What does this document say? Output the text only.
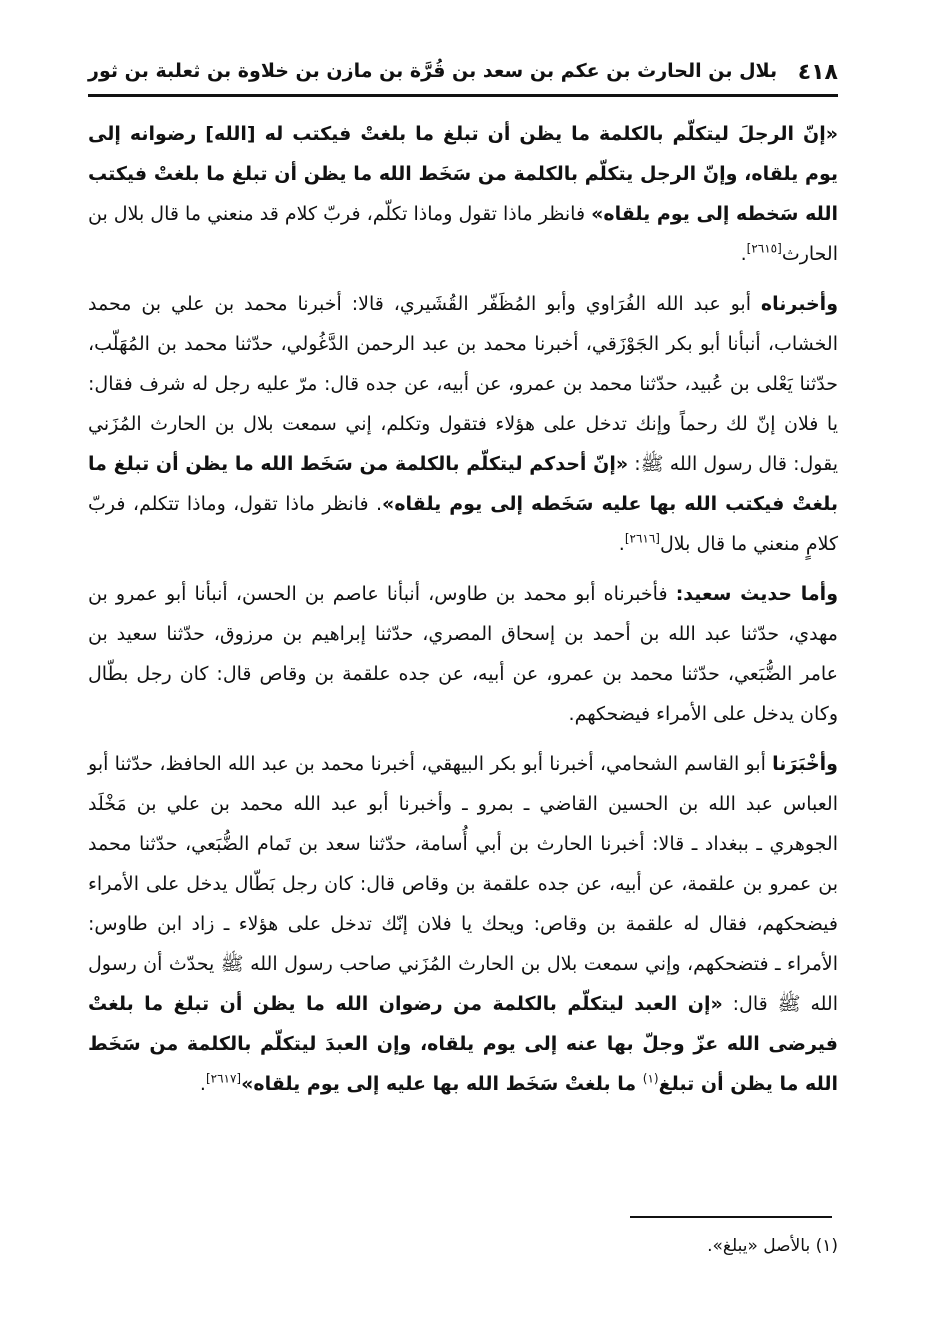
٤١٨
بلال بن الحارث بن عكم بن سعد بن قُرَّة بن مازن بن خلاوة بن ثعلبة بن ثور

«إنّ الرجلَ ليتكلّم بالكلمة ما يظن أن تبلغ ما بلغتْ فيكتب له [الله] رضوانه إلى يوم يلقاه، وإنّ الرجل يتكلّم بالكلمة من سَخَط الله ما يظن أن تبلغ ما بلغتْ فيكتب الله سَخطه إلى يوم يلقاه» فانظر ماذا تقول وماذا تكلّم، فربّ كلام قد منعني ما قال بلال بن الحارث[٢٦١٥].

وأخبرناه أبو عبد الله الفُرَاوي وأبو المُظَفّر القُشَيري، قالا: أخبرنا محمد بن علي بن محمد الخشاب، أنبأنا أبو بكر الجَوْزَقي، أخبرنا محمد بن عبد الرحمن الدَّغُولي، حدّثنا محمد بن المُهَلّب، حدّثنا يَعْلى بن عُبيد، حدّثنا محمد بن عمرو، عن أبيه، عن جده قال: مرّ عليه رجل له شرف فقال: يا فلان إنّ لك رحماً وإنك تدخل على هؤلاء فتقول وتكلم، إني سمعت بلال بن الحارث المُزَني يقول: قال رسول الله ﷺ: «إنّ أحدكم ليتكلّم بالكلمة من سَخَط الله ما يظن أن تبلغ ما بلغتْ فيكتب الله بها عليه سَخَطه إلى يوم يلقاه». فانظر ماذا تقول، وماذا تتكلم، فربّ كلامٍ منعني ما قال بلال[٢٦١٦].

وأما حديث سعيد: فأخبرناه أبو محمد بن طاوس، أنبأنا عاصم بن الحسن، أنبأنا أبو عمرو بن مهدي، حدّثنا عبد الله بن أحمد بن إسحاق المصري، حدّثنا إبراهيم بن مرزوق، حدّثنا سعيد بن عامر الضُّبَعي، حدّثنا محمد بن عمرو، عن أبيه، عن جده علقمة بن وقاص قال: كان رجل بطّال وكان يدخل على الأمراء فيضحكهم.

وأخْبَرَنا أبو القاسم الشحامي، أخبرنا أبو بكر البيهقي، أخبرنا محمد بن عبد الله الحافظ، حدّثنا أبو العباس عبد الله بن الحسين القاضي ـ بمرو ـ وأخبرنا أبو عبد الله محمد بن علي بن مَخْلَد الجوهري ـ ببغداد ـ قالا: أخبرنا الحارث بن أبي أُسامة، حدّثنا سعد بن تَمام الضُّبَعي، حدّثنا محمد بن عمرو بن علقمة، عن أبيه، عن جده علقمة بن وقاص قال: كان رجل بَطّال يدخل على الأمراء فيضحكهم، فقال له علقمة بن وقاص: ويحك يا فلان إنّك تدخل على هؤلاء ـ زاد ابن طاوس: الأمراء ـ فتضحكهم، وإني سمعت بلال بن الحارث المُزَني صاحب رسول الله ﷺ يحدّث أن رسول الله ﷺ قال: «إن العبد ليتكلّم بالكلمة من رضوان الله ما يظن أن تبلغ ما بلغتْ فيرضى الله عزّ وجلّ بها عنه إلى يوم يلقاه، وإن العبدَ ليتكلّم بالكلمة من سَخَط الله ما يظن أن تبلغ$^{(١)}$ ما بلغتْ سَخَط الله بها عليه إلى يوم يلقاه»[٢٦١٧].

(١) بالأصل «يبلغ».
